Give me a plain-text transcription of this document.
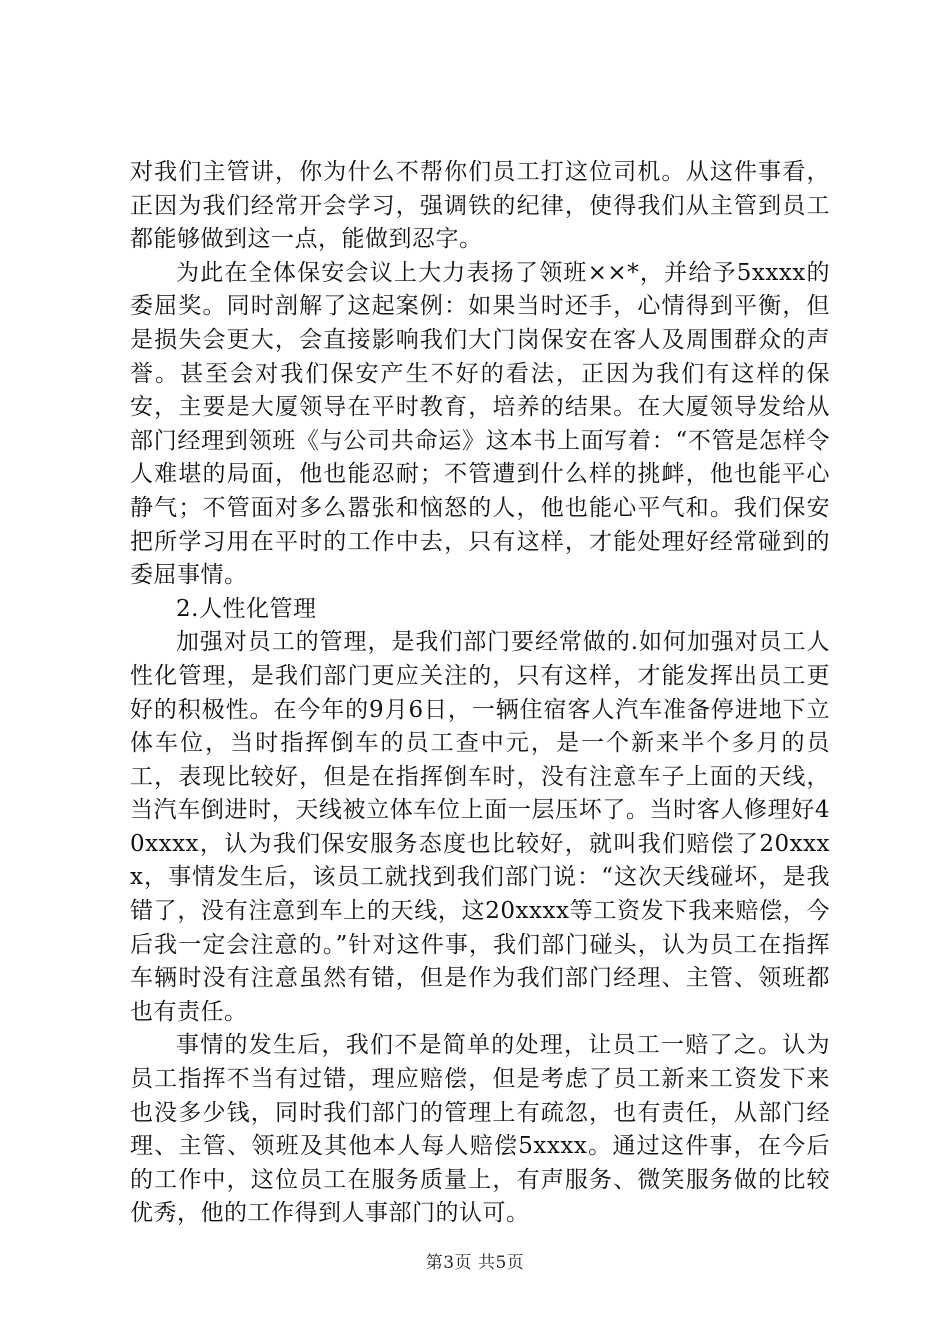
对我们主管讲，你为什么不帮你们员工打这位司机。从这件事看，正因为我们经常开会学习，强调铁的纪律，使得我们从主管到员工都能够做到这一点，能做到忍字。

为此在全体保安会议上大力表扬了领班××*，并给予5xxxx的委屈奖。同时剖解了这起案例：如果当时还手，心情得到平衡，但是损失会更大，会直接影响我们大门岗保安在客人及周围群众的声誉。甚至会对我们保安产生不好的看法，正因为我们有这样的保安，主要是大厦领导在平时教育，培养的结果。在大厦领导发给从部门经理到领班《与公司共命运》这本书上面写着：“不管是怎样令人难堪的局面，他也能忍耐；不管遭到什么样的挑衅，他也能平心静气；不管面对多么嚣张和恼怒的人，他也能心平气和。我们保安把所学习用在平时的工作中去，只有这样，才能处理好经常碰到的委屈事情。

2.人性化管理

加强对员工的管理，是我们部门要经常做的.如何加强对员工人性化管理，是我们部门更应关注的，只有这样，才能发挥出员工更好的积极性。在今年的9月6日，一辆住宿客人汽车准备停进地下立体车位，当时指挥倒车的员工查中元，是一个新来半个多月的员工，表现比较好，但是在指挥倒车时，没有注意车子上面的天线，当汽车倒进时，天线被立体车位上面一层压坏了。当时客人修理好40xxxx，认为我们保安服务态度也比较好，就叫我们赔偿了20xxxx，事情发生后，该员工就找到我们部门说：“这次天线碰坏，是我错了，没有注意到车上的天线，这20xxxx等工资发下我来赔偿，今后我一定会注意的。”针对这件事，我们部门碰头，认为员工在指挥车辆时没有注意虽然有错，但是作为我们部门经理、主管、领班都也有责任。

事情的发生后，我们不是简单的处理，让员工一赔了之。认为员工指挥不当有过错，理应赔偿，但是考虑了员工新来工资发下来也没多少钱，同时我们部门的管理上有疏忽，也有责任，从部门经理、主管、领班及其他本人每人赔偿5xxxx。通过这件事，在今后的工作中，这位员工在服务质量上，有声服务、微笑服务做的比较优秀，他的工作得到人事部门的认可。

第3页 共5页
